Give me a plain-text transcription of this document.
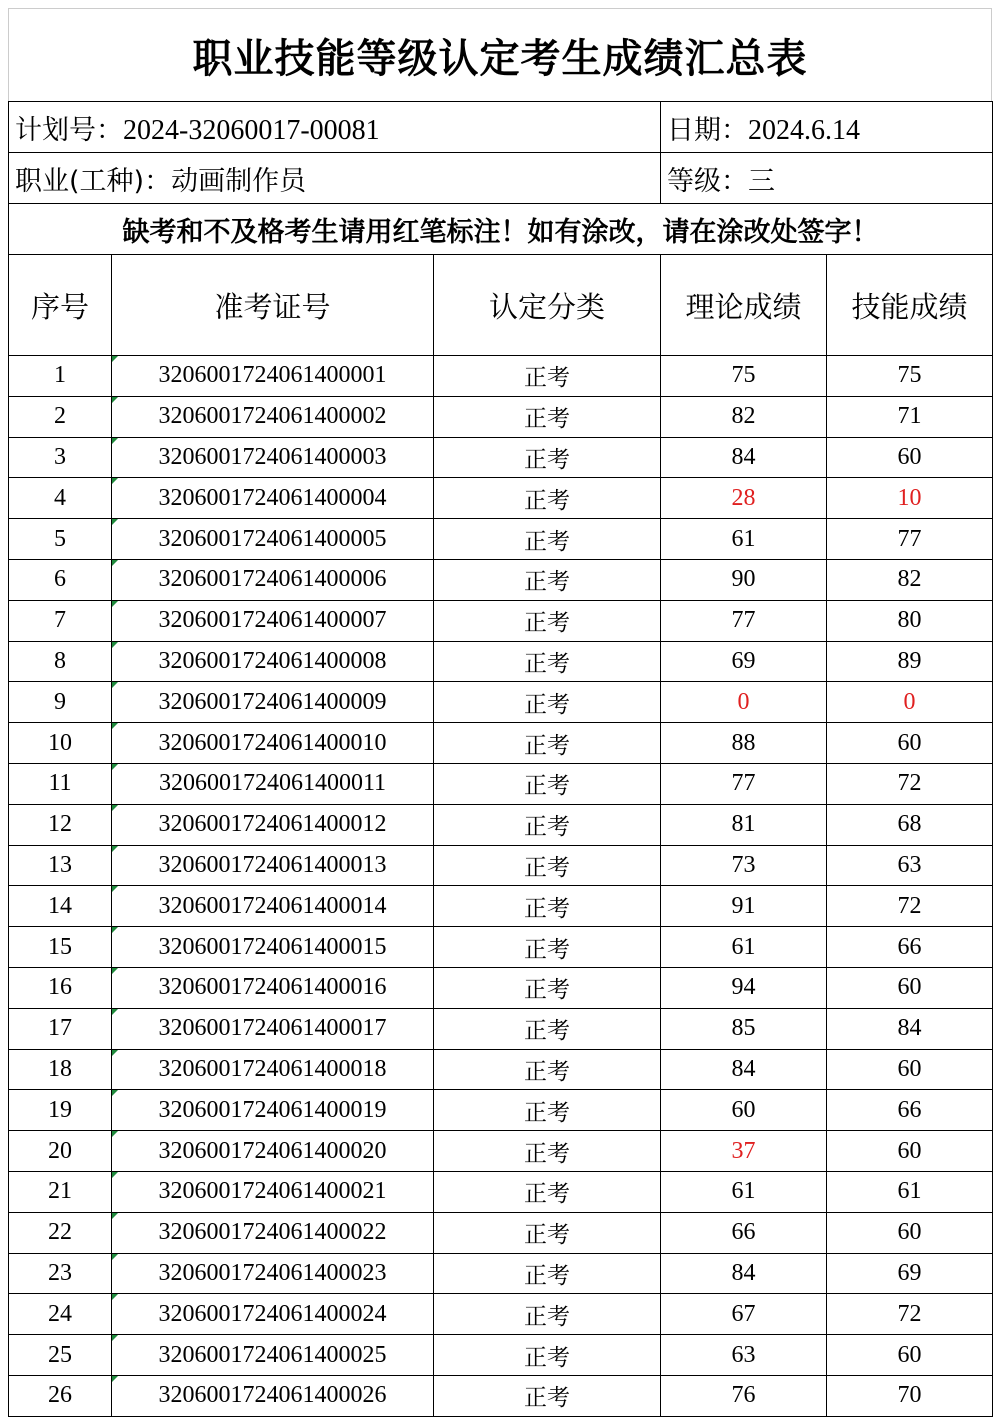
职业技能等级认定考生成绩汇总表
计划号：2024-32060017-00081	日期：2024.6.14
职业(工种)：动画制作员	等级：三
缺考和不及格考生请用红笔标注！如有涂改，请在涂改处签字！	
序号	准考证号	认定分类	理论成绩	技能成绩
1	3206001724061400001	正考	75	75
2	3206001724061400002	正考	82	71
3	3206001724061400003	正考	84	60
4	3206001724061400004	正考	28	10
5	3206001724061400005	正考	61	77
6	3206001724061400006	正考	90	82
7	3206001724061400007	正考	77	80
8	3206001724061400008	正考	69	89
9	3206001724061400009	正考	0	0
10	3206001724061400010	正考	88	60
11	3206001724061400011	正考	77	72
12	3206001724061400012	正考	81	68
13	3206001724061400013	正考	73	63
14	3206001724061400014	正考	91	72
15	3206001724061400015	正考	61	66
16	3206001724061400016	正考	94	60
17	3206001724061400017	正考	85	84
18	3206001724061400018	正考	84	60
19	3206001724061400019	正考	60	66
20	3206001724061400020	正考	37	60
21	3206001724061400021	正考	61	61
22	3206001724061400022	正考	66	60
23	3206001724061400023	正考	84	69
24	3206001724061400024	正考	67	72
25	3206001724061400025	正考	63	60
26	3206001724061400026	正考	76	70
